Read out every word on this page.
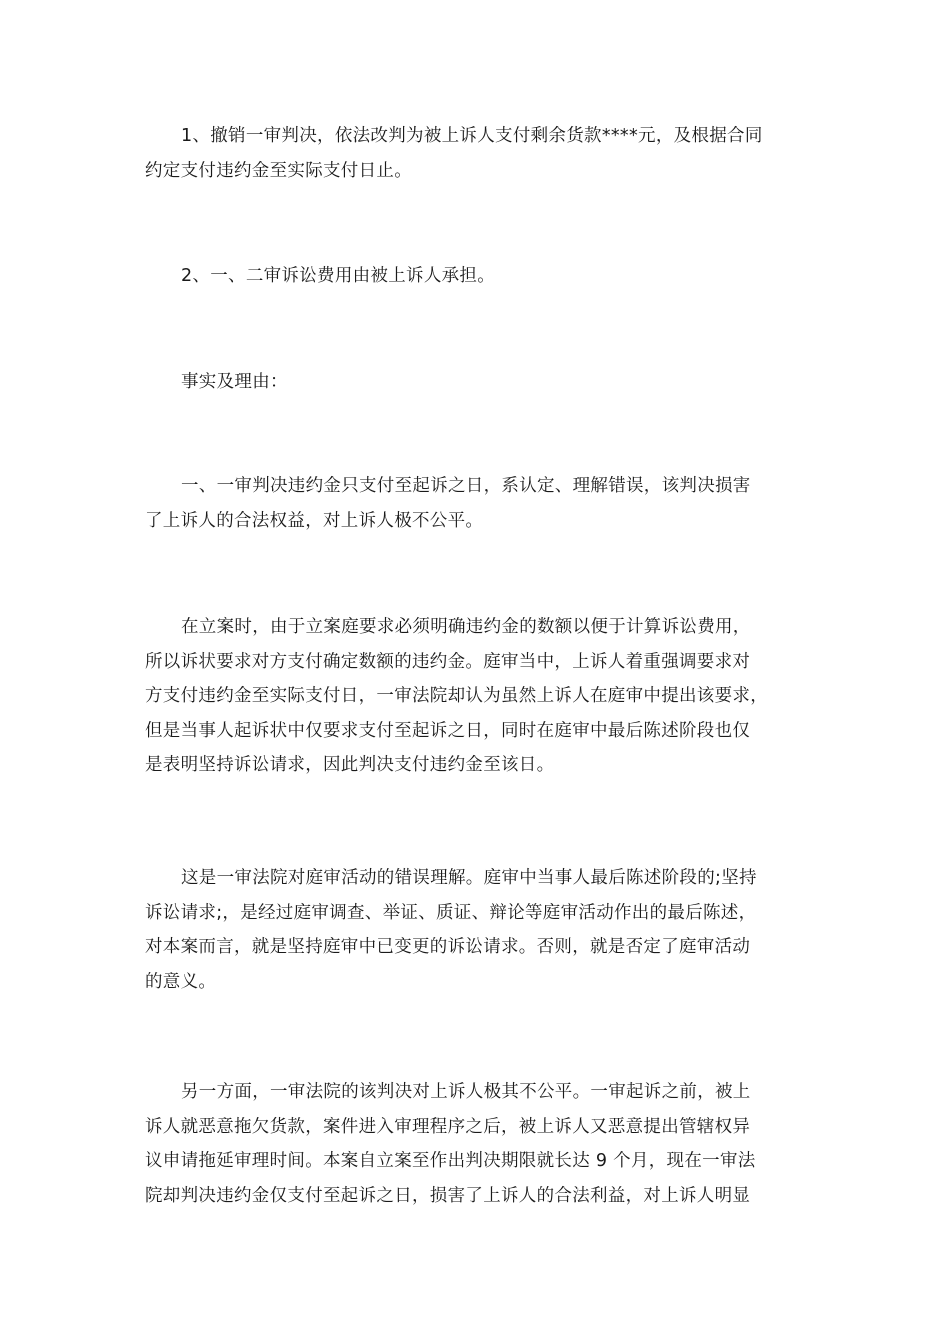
1、撤销一审判决，依法改判为被上诉人支付剩余货款****元，及根据合同
约定支付违约金至实际支付日止。

2、一、二审诉讼费用由被上诉人承担。

事实及理由：

一、一审判决违约金只支付至起诉之日，系认定、理解错误，该判决损害
了上诉人的合法权益，对上诉人极不公平。

在立案时，由于立案庭要求必须明确违约金的数额以便于计算诉讼费用，
所以诉状要求对方支付确定数额的违约金。庭审当中，上诉人着重强调要求对
方支付违约金至实际支付日，一审法院却认为虽然上诉人在庭审中提出该要求，
但是当事人起诉状中仅要求支付至起诉之日，同时在庭审中最后陈述阶段也仅
是表明坚持诉讼请求，因此判决支付违约金至该日。

这是一审法院对庭审活动的错误理解。庭审中当事人最后陈述阶段的;坚持
诉讼请求;，是经过庭审调查、举证、质证、辩论等庭审活动作出的最后陈述，
对本案而言，就是坚持庭审中已变更的诉讼请求。否则，就是否定了庭审活动
的意义。

另一方面，一审法院的该判决对上诉人极其不公平。一审起诉之前，被上
诉人就恶意拖欠货款，案件进入审理程序之后，被上诉人又恶意提出管辖权异
议申请拖延审理时间。本案自立案至作出判决期限就长达 9 个月，现在一审法
院却判决违约金仅支付至起诉之日，损害了上诉人的合法利益，对上诉人明显
